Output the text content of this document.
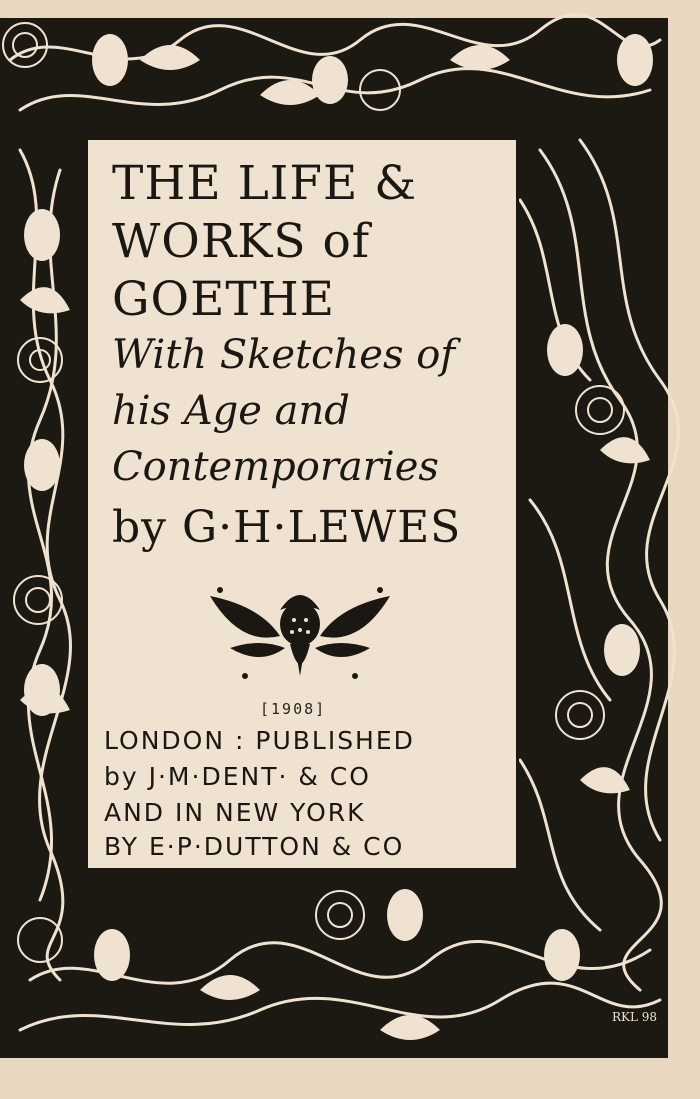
THE LIFE &
WORKS of
GOETHE
With Sketches of
his Age and
Contemporaries
by G·H·LEWES
[1908]
LONDON : PUBLISHED
by J·M·DENT· & CO
AND IN NEW YORK
BY E·P·DUTTON & CO
RKL 98
